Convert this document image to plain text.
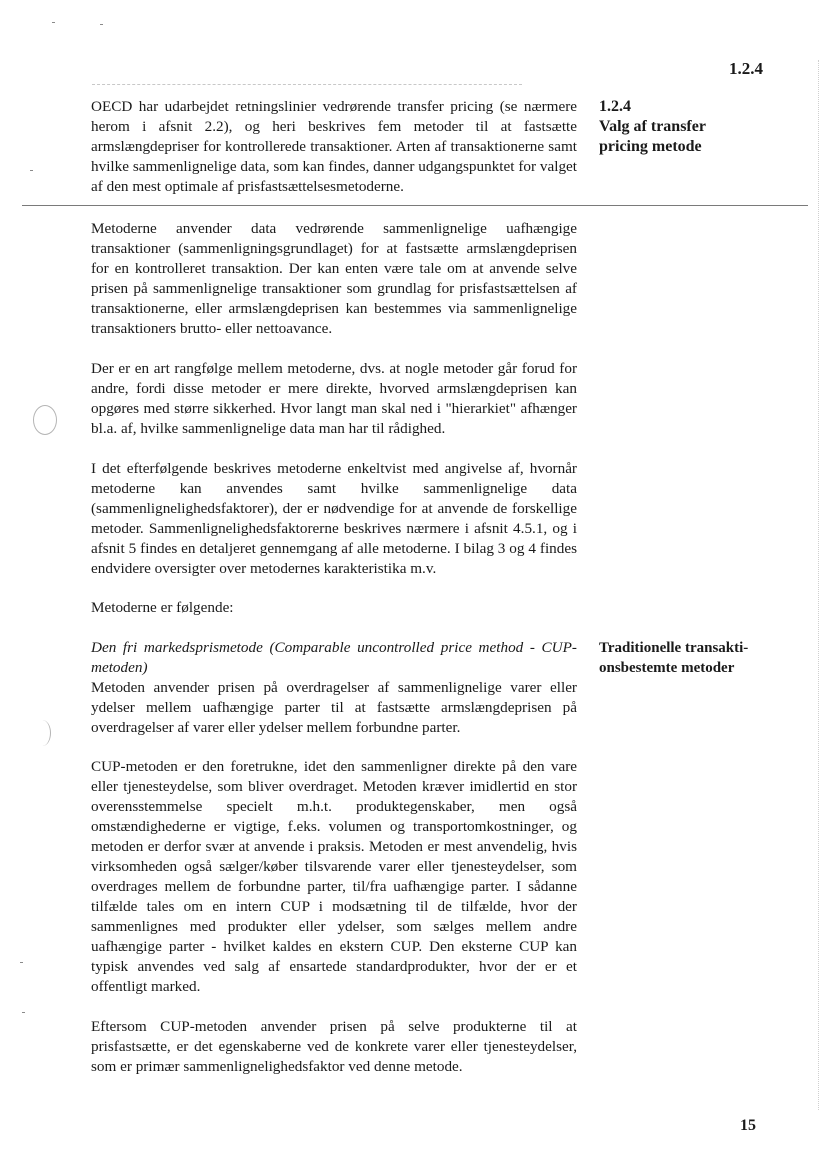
1.2.4

OECD har udarbejdet retningslinier vedrørende transfer pricing (se nærmere herom i afsnit 2.2), og heri beskrives fem metoder til at fastsætte armslængdepriser for kontrollerede transaktioner. Arten af transaktionerne samt hvilke sammenlignelige data, som kan findes, danner udgangspunktet for valget af den mest optimale af prisfastsættelsesmetoderne.

1.2.4
Valg af transfer
pricing metode

Metoderne anvender data vedrørende sammenlignelige uafhængige transaktioner (sammenligningsgrundlaget) for at fastsætte armslængdeprisen for en kontrolleret transaktion. Der kan enten være tale om at anvende selve prisen på sammenlignelige transaktioner som grundlag for prisfastsættelsen af transaktionerne, eller armslængdeprisen kan bestemmes via sammenlignelige transaktioners brutto- eller nettoavance.

Der er en art rangfølge mellem metoderne, dvs. at nogle metoder går forud for andre, fordi disse metoder er mere direkte, hvorved armslængdeprisen kan opgøres med større sikkerhed. Hvor langt man skal ned i "hierarkiet" afhænger bl.a. af, hvilke sammenlignelige data man har til rådighed.

I det efterfølgende beskrives metoderne enkeltvist med angivelse af, hvornår metoderne kan anvendes samt hvilke sammenlignelige data (sammenlignelighedsfaktorer), der er nødvendige for at anvende de forskellige metoder. Sammenlignelighedsfaktorerne beskrives nærmere i afsnit 4.5.1, og i afsnit 5 findes en detaljeret gennemgang af alle metoderne. I bilag 3 og 4 findes endvidere oversigter over metodernes karakteristika m.v.

Metoderne er følgende:

Den fri markedsprismetode (Comparable uncontrolled price method - CUP-metoden)

Traditionelle transakti-
onsbestemte metoder

Metoden anvender prisen på overdragelser af sammenlignelige varer eller ydelser mellem uafhængige parter til at fastsætte armslængdeprisen på overdragelser af varer eller ydelser mellem forbundne parter.

CUP-metoden er den foretrukne, idet den sammenligner direkte på den vare eller tjenesteydelse, som bliver overdraget. Metoden kræver imidlertid en stor overensstemmelse specielt m.h.t. produktegenskaber, men også omstændighederne er vigtige, f.eks. volumen og transportomkostninger, og metoden er derfor svær at anvende i praksis. Metoden er mest anvendelig, hvis virksomheden også sælger/køber tilsvarende varer eller tjenesteydelser, som overdrages mellem de forbundne parter, til/fra uafhængige parter. I sådanne tilfælde tales om en intern CUP i modsætning til de tilfælde, hvor der sammenlignes med produkter eller ydelser, som sælges mellem andre uafhængige parter - hvilket kaldes en ekstern CUP. Den eksterne CUP kan typisk anvendes ved salg af ensartede standardprodukter, hvor der er et offentligt marked.

Eftersom CUP-metoden anvender prisen på selve produkterne til at prisfastsætte, er det egenskaberne ved de konkrete varer eller tjenesteydelser, som er primær sammenlignelighedsfaktor ved denne metode.

15
